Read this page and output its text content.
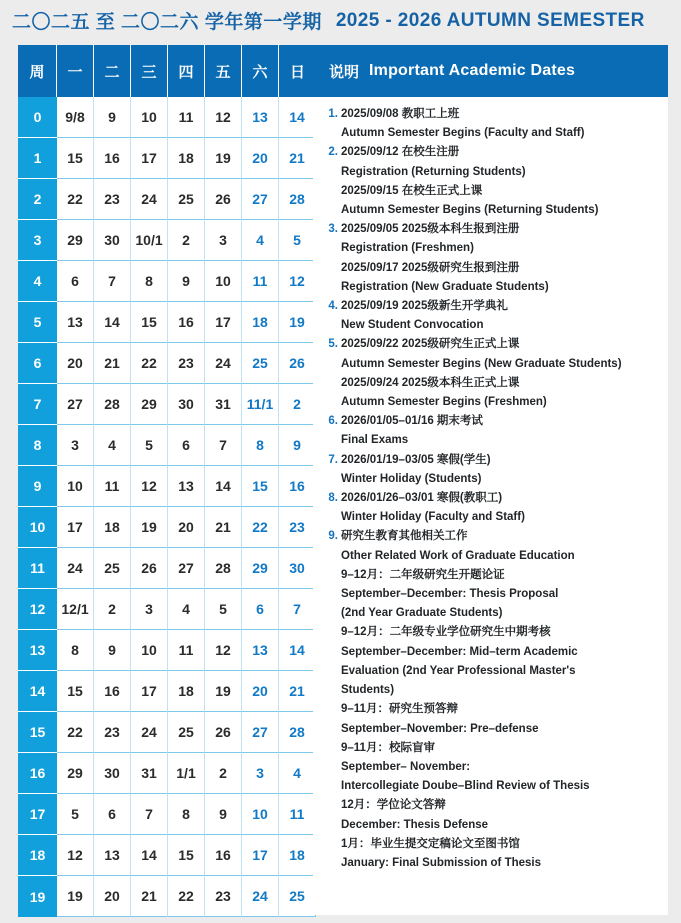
二〇二五 至 二〇二六 学年第一学期 2025 - 2026 AUTUMN SEMESTER
周	一	二	三	四	五	六	日
0	9/8	9	10	11	12	13	14
1	15	16	17	18	19	20	21
2	22	23	24	25	26	27	28
3	29	30	10/1	2	3	4	5
4	6	7	8	9	10	11	12
5	13	14	15	16	17	18	19
6	20	21	22	23	24	25	26
7	27	28	29	30	31	11/1	2
8	3	4	5	6	7	8	9
9	10	11	12	13	14	15	16
10	17	18	19	20	21	22	23
11	24	25	26	27	28	29	30
12	12/1	2	3	4	5	6	7
13	8	9	10	11	12	13	14
14	15	16	17	18	19	20	21
15	22	23	24	25	26	27	28
16	29	30	31	1/1	2	3	4
17	5	6	7	8	9	10	11
18	12	13	14	15	16	17	18
19	19	20	21	22	23	24	25
说明 Important Academic Dates
1. 2025/09/08 教职工上班
Autumn Semester Begins (Faculty and Staff)
2. 2025/09/12 在校生注册
Registration (Returning Students)
2025/09/15 在校生正式上课
Autumn Semester Begins (Returning Students)
3. 2025/09/05 2025级本科生报到注册
Registration (Freshmen)
2025/09/17 2025级研究生报到注册
Registration (New Graduate Students)
4. 2025/09/19 2025级新生开学典礼
New Student Convocation
5. 2025/09/22 2025级研究生正式上课
Autumn Semester Begins (New Graduate Students)
2025/09/24 2025级本科生正式上课
Autumn Semester Begins (Freshmen)
6. 2026/01/05–01/16 期末考试
Final Exams
7. 2026/01/19–03/05 寒假(学生)
Winter Holiday (Students)
8. 2026/01/26–03/01 寒假(教职工)
Winter Holiday (Faculty and Staff)
9. 研究生教育其他相关工作
Other Related Work of Graduate Education
9–12月：二年级研究生开题论证
September–December: Thesis Proposal
(2nd Year Graduate Students)
9–12月：二年级专业学位研究生中期考核
September–December: Mid–term Academic
Evaluation (2nd Year Professional Master's
Students)
9–11月：研究生预答辩
September–November: Pre–defense
9–11月：校际盲审
September– November:
Intercollegiate Doube–Blind Review of Thesis
12月：学位论文答辩
December: Thesis Defense
1月：毕业生提交定稿论文至图书馆
January: Final Submission of Thesis
